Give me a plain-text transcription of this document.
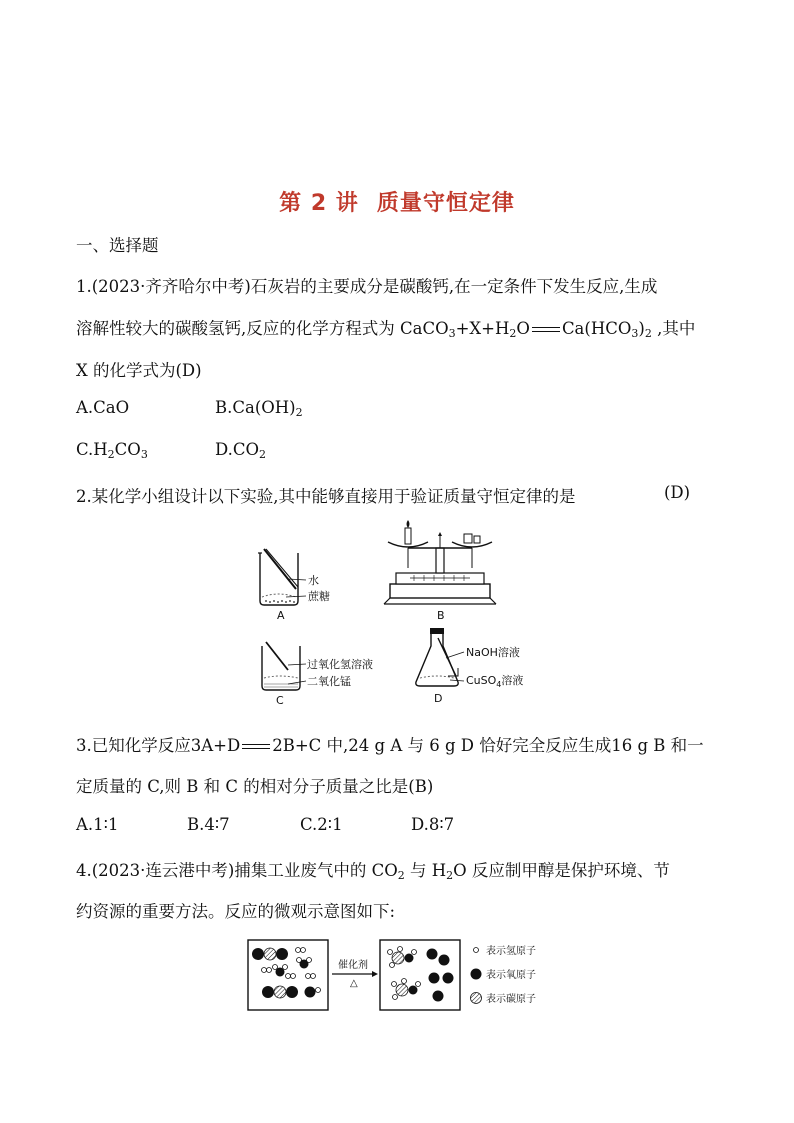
第 2 讲 质量守恒定律
一、选择题
1.(2023·齐齐哈尔中考)石灰岩的主要成分是碳酸钙,在一定条件下发生反应,生成
溶解性较大的碳酸氢钙,反应的化学方程式为 $CaCO_3+X+H_2O$ $Ca(HCO_3)_2$ ,其中
X 的化学式为(D)
A.CaO	$B.Ca(OH)_2$
$C.H_2CO_3$	$D.CO_2$
2.某化学小组设计以下实验,其中能够直接用于验证质量守恒定律的是	(D)
水
蔗糖
A	B
过氧化氢溶液
二氧化锰
C
NaOH溶液
CuSO$_4$溶液
D
3.已知化学反应3A+D 2B+C 中,24 g A 与 6 g D 恰好完全反应生成16 g B 和一
定质量的 C,则 B 和 C 的相对分子质量之比是(B)
A.1∶1	B.4∶7	C.2∶1	D.8∶7
4.(2023·连云港中考)捕集工业废气中的 $CO_2$ 与 $H_2O$ 反应制甲醇是保护环境、节
约资源的重要方法。反应的微观示意图如下:
催化剂
△
表示氢原子
表示氧原子
表示碳原子
